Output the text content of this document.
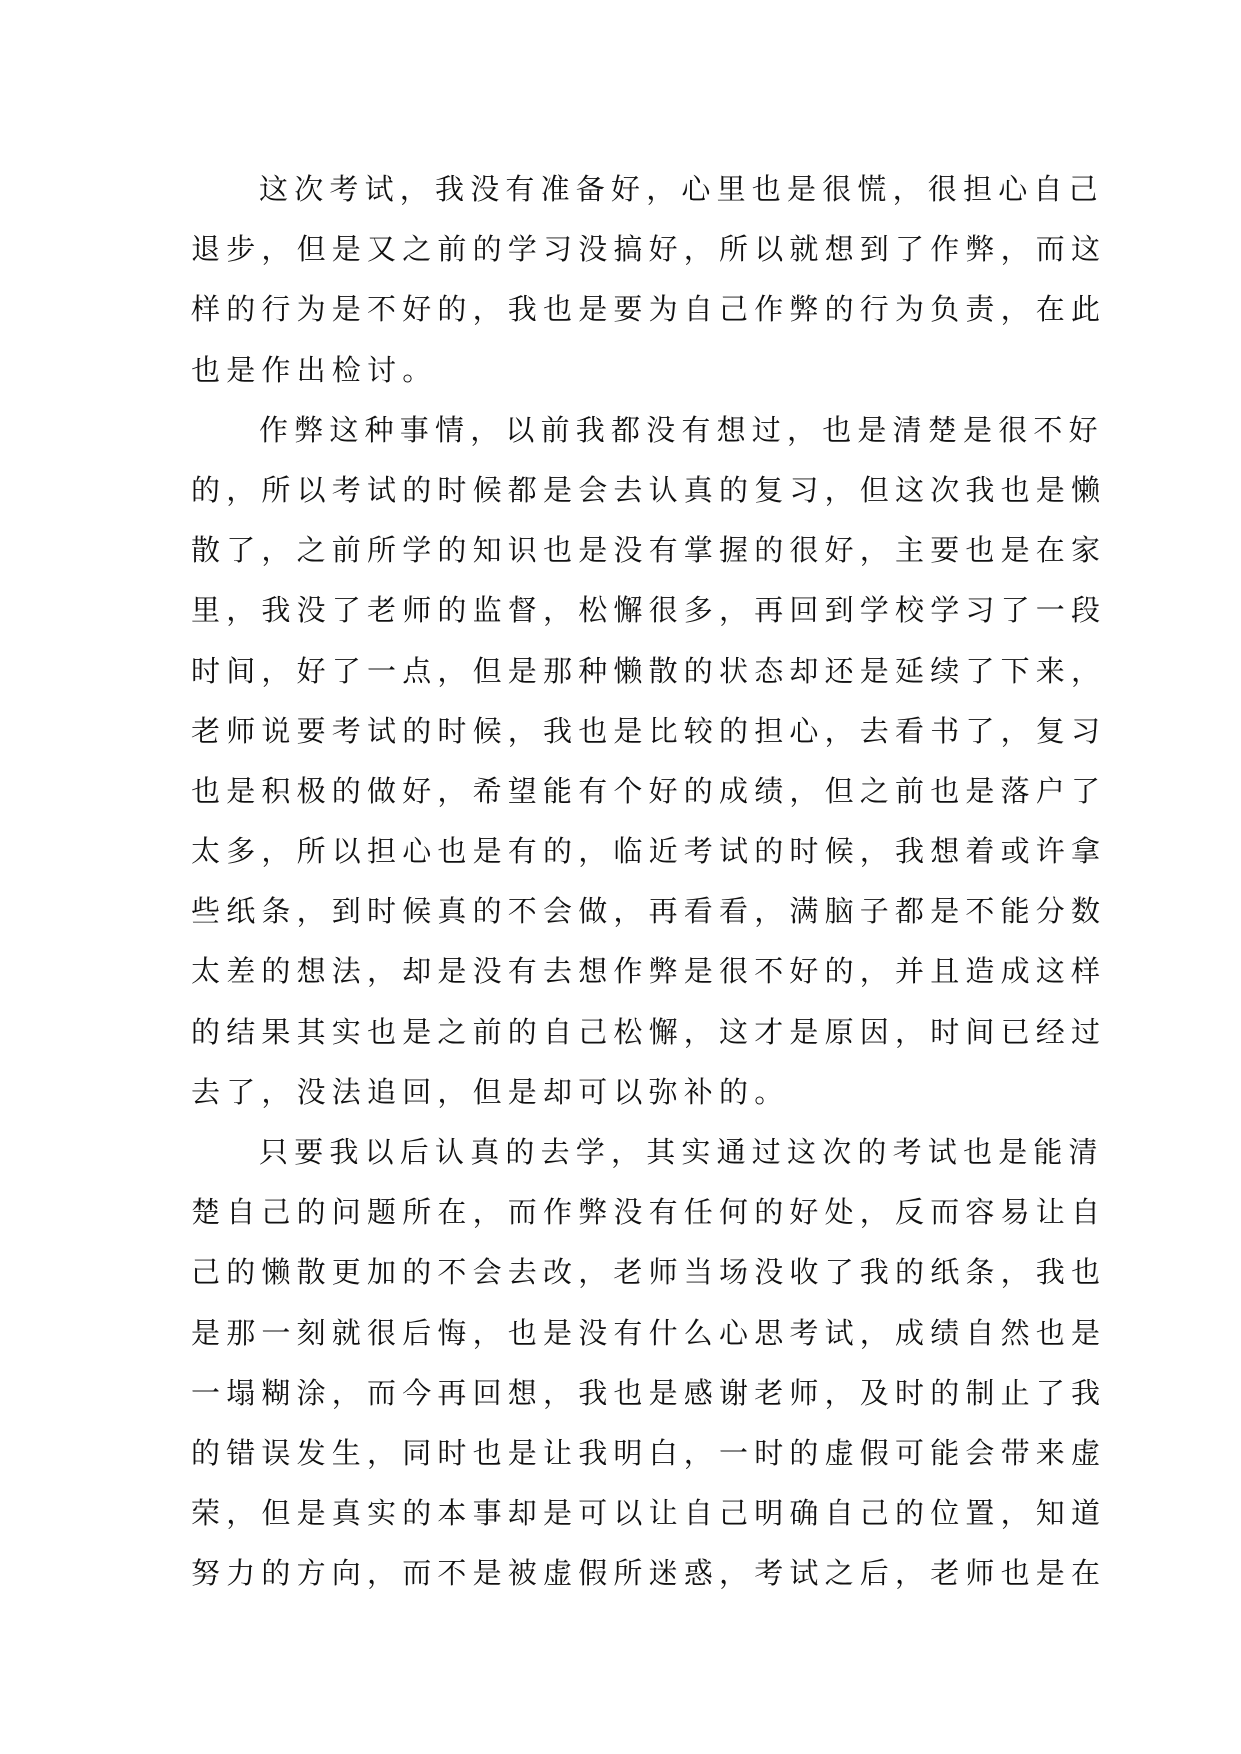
这次考试，我没有准备好，心里也是很慌，很担心自己
退步，但是又之前的学习没搞好，所以就想到了作弊，而这
样的行为是不好的，我也是要为自己作弊的行为负责，在此
也是作出检讨。
作弊这种事情，以前我都没有想过，也是清楚是很不好
的，所以考试的时候都是会去认真的复习，但这次我也是懒
散了，之前所学的知识也是没有掌握的很好，主要也是在家
里，我没了老师的监督，松懈很多，再回到学校学习了一段
时间，好了一点，但是那种懒散的状态却还是延续了下来，
老师说要考试的时候，我也是比较的担心，去看书了，复习
也是积极的做好，希望能有个好的成绩，但之前也是落户了
太多，所以担心也是有的，临近考试的时候，我想着或许拿
些纸条，到时候真的不会做，再看看，满脑子都是不能分数
太差的想法，却是没有去想作弊是很不好的，并且造成这样
的结果其实也是之前的自己松懈，这才是原因，时间已经过
去了，没法追回，但是却可以弥补的。
只要我以后认真的去学，其实通过这次的考试也是能清
楚自己的问题所在，而作弊没有任何的好处，反而容易让自
己的懒散更加的不会去改，老师当场没收了我的纸条，我也
是那一刻就很后悔，也是没有什么心思考试，成绩自然也是
一塌糊涂，而今再回想，我也是感谢老师，及时的制止了我
的错误发生，同时也是让我明白，一时的虚假可能会带来虚
荣，但是真实的本事却是可以让自己明确自己的位置，知道
努力的方向，而不是被虚假所迷惑，考试之后，老师也是在
